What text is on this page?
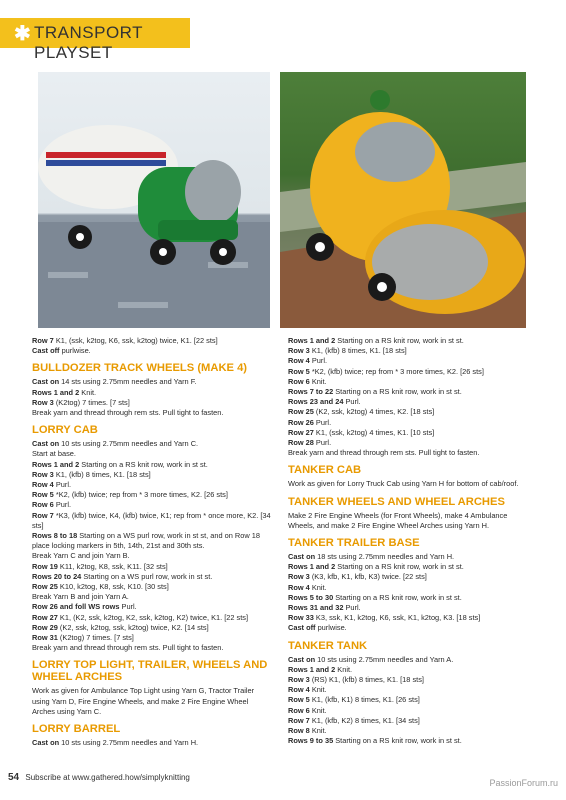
✱ TRANSPORT PLAYSET

Row 7 K1, (ssk, k2tog, K6, ssk, k2tog) twice, K1. [22 sts]

Cast off purlwise.

BULLDOZER TRACK WHEELS (MAKE 4)

Cast on 14 sts using 2.75mm needles and Yarn F.

Rows 1 and 2 Knit.

Row 3 (K2tog) 7 times. [7 sts]

Break yarn and thread through rem sts. Pull tight to fasten.

LORRY CAB

Cast on 10 sts using 2.75mm needles and Yarn C.

Start at base.

Rows 1 and 2 Starting on a RS knit row, work in st st.

Row 3 K1, (kfb) 8 times, K1. [18 sts]

Row 4 Purl.

Row 5 *K2, (kfb) twice; rep from * 3 more times, K2. [26 sts]

Row 6 Purl.

Row 7 *K3, (kfb) twice, K4, (kfb) twice, K1; rep from * once more, K2. [34 sts]

Rows 8 to 18 Starting on a WS purl row, work in st st, and on Row 18 place locking markers in 5th, 14th, 21st and 30th sts.

Break Yarn C and join Yarn B.

Row 19 K11, k2tog, K8, ssk, K11. [32 sts]

Rows 20 to 24 Starting on a WS purl row, work in st st.

Row 25 K10, k2tog, K8, ssk, K10. [30 sts]

Break Yarn B and join Yarn A.

Row 26 and foll WS rows Purl.

Row 27 K1, (K2, ssk, k2tog, K2, ssk, k2tog, K2) twice, K1. [22 sts]

Row 29 (K2, ssk, k2tog, ssk, k2tog) twice, K2. [14 sts]

Row 31 (K2tog) 7 times. [7 sts]

Break yarn and thread through rem sts. Pull tight to fasten.

LORRY TOP LIGHT, TRAILER, WHEELS AND WHEEL ARCHES

Work as given for Ambulance Top Light using Yarn G, Tractor Trailer using Yarn D, Fire Engine Wheels, and make 2 Fire Engine Wheel Arches using Yarn C.

LORRY BARREL

Cast on 10 sts using 2.75mm needles and Yarn H.

Rows 1 and 2 Starting on a RS knit row, work in st st.

Row 3 K1, (kfb) 8 times, K1. [18 sts]

Row 4 Purl.

Row 5 *K2, (kfb) twice; rep from * 3 more times, K2. [26 sts]

Row 6 Knit.

Rows 7 to 22 Starting on a RS knit row, work in st st.

Rows 23 and 24 Purl.

Row 25 (K2, ssk, k2tog) 4 times, K2. [18 sts]

Row 26 Purl.

Row 27 K1, (ssk, k2tog) 4 times, K1. [10 sts]

Row 28 Purl.

Break yarn and thread through rem sts. Pull tight to fasten.

TANKER CAB

Work as given for Lorry Truck Cab using Yarn H for bottom of cab/roof.

TANKER WHEELS AND WHEEL ARCHES

Make 2 Fire Engine Wheels (for Front Wheels), make 4 Ambulance Wheels, and make 2 Fire Engine Wheel Arches using Yarn H.

TANKER TRAILER BASE

Cast on 18 sts using 2.75mm needles and Yarn H.

Rows 1 and 2 Starting on a RS knit row, work in st st.

Row 3 (K3, kfb, K1, kfb, K3) twice. [22 sts]

Row 4 Knit.

Rows 5 to 30 Starting on a RS knit row, work in st st.

Rows 31 and 32 Purl.

Row 33 K3, ssk, K1, k2tog, K6, ssk, K1, k2tog, K3. [18 sts]

Cast off purlwise.

TANKER TANK

Cast on 10 sts using 2.75mm needles and Yarn A.

Rows 1 and 2 Knit.

Row 3 (RS) K1, (kfb) 8 times, K1. [18 sts]

Row 4 Knit.

Row 5 K1, (kfb, K1) 8 times, K1. [26 sts]

Row 6 Knit.

Row 7 K1, (kfb, K2) 8 times, K1. [34 sts]

Row 8 Knit.

Rows 9 to 35 Starting on a RS knit row, work in st st.

54 Subscribe at www.gathered.how/simplyknitting
PassionForum.ru
